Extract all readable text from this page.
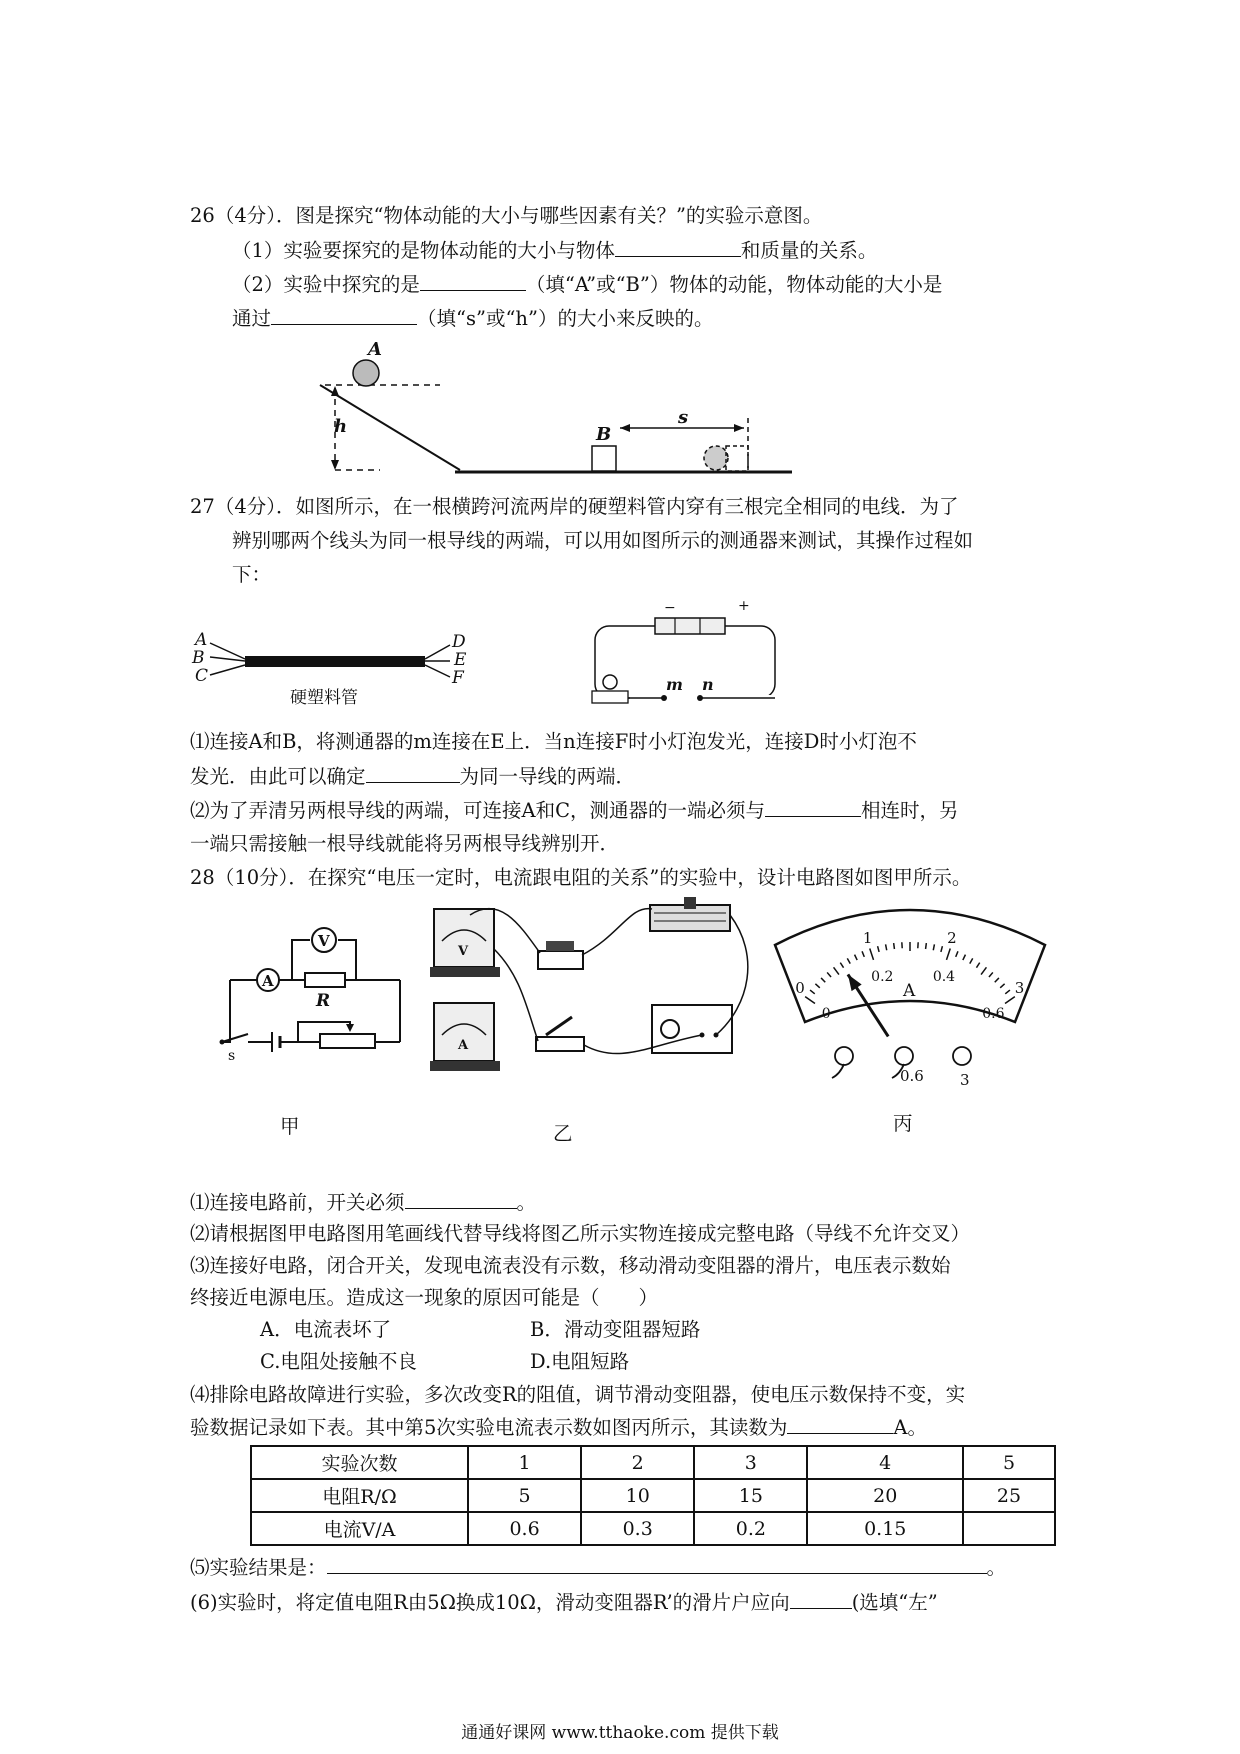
26（4分）．图是探究“物体动能的大小与哪些因素有关？”的实验示意图。
（1）实验要探究的是物体动能的大小与物体	和质量的关系。
（2）实验中探究的是	（填“A”或“B”）物体的动能，物体动能的大小是
通过	（填“s”或“h”）的大小来反映的。
h
A
B
s
27（4分）．如图所示，在一根横跨河流两岸的硬塑料管内穿有三根完全相同的电线．为了
辨别哪两个线头为同一根导线的两端，可以用如图所示的测通器来测试，其操作过程如
下：
A
B
C
D
E
F
硬塑料管
−	+
m n
⑴连接A和B，将测通器的m连接在E上．当n连接F时小灯泡发光，连接D时小灯泡不
发光．由此可以确定	为同一导线的两端．
⑵为了弄清另两根导线的两端，可连接A和C，测通器的一端必须与	相连时，另
一端只需接触一根导线就能将另两根导线辨别开．
28（10分）．在探究“电压一定时，电流跟电阻的关系”的实验中，设计电路图如图甲所示。
A
R
V
s
V
A
0
1	2
3
0
0.2	0.4
0.6
A
0.6 3
甲	乙	丙
⑴连接电路前，开关必须	。
⑵请根据图甲电路图用笔画线代替导线将图乙所示实物连接成完整电路（导线不允许交叉）
⑶连接好电路，闭合开关，发现电流表没有示数，移动滑动变阻器的滑片，电压表示数始
终接近电源电压。造成这一现象的原因可能是（　　）
A．电流表坏了	B．滑动变阻器短路
C.电阻处接触不良	D.电阻短路
⑷排除电路故障进行实验，多次改变R的阻值，调节滑动变阻器，使电压示数保持不变，实
验数据记录如下表。其中第5次实验电流表示数如图丙所示，其读数为	A。
实验次数	1	2	3	4	5
电阻R/Ω	5	10	15	20	25
电流V/A	0.6	0.3	0.2	0.15	
⑸实验结果是：	。
(6)实验时，将定值电阻R由5Ω换成10Ω，滑动变阻器R’的滑片户应向	(选填“左”
通通好课网 www.tthaoke.com 提供下载
